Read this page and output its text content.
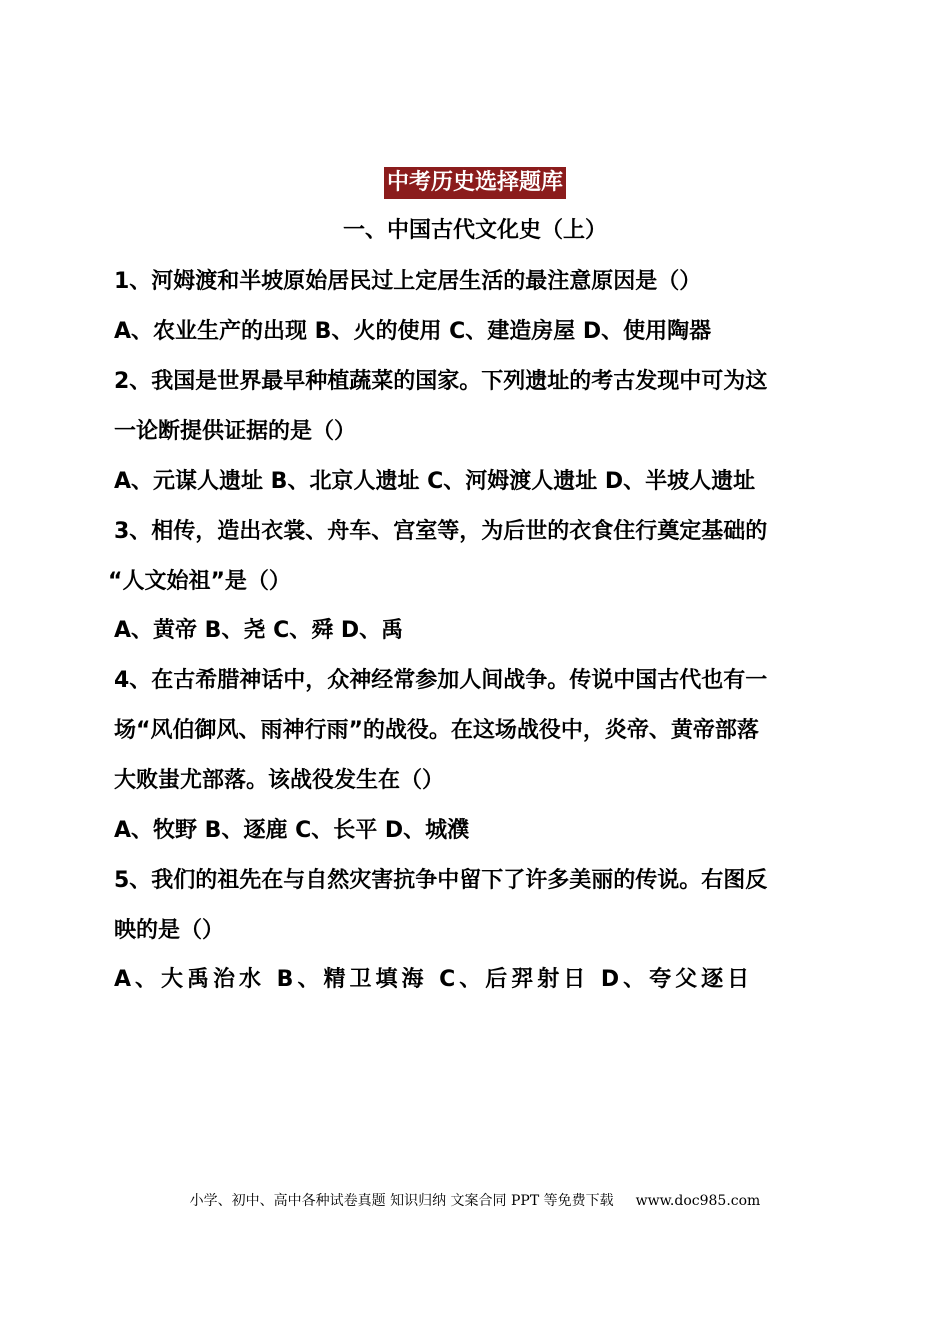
中考历史选择题库
一、中国古代文化史（上）
1、河姆渡和半坡原始居民过上定居生活的最注意原因是（）
A、农业生产的出现 B、火的使用 C、建造房屋 D、使用陶器
2、我国是世界最早种植蔬菜的国家。下列遗址的考古发现中可为这
一论断提供证据的是（）
A、元谋人遗址 B、北京人遗址 C、河姆渡人遗址 D、半坡人遗址
3、相传，造出衣裳、舟车、宫室等，为后世的衣食住行奠定基础的
“人文始祖”是（）
A、黄帝 B、尧 C、舜 D、禹
4、在古希腊神话中，众神经常参加人间战争。传说中国古代也有一
场“风伯御风、雨神行雨”的战役。在这场战役中，炎帝、黄帝部落
大败蚩尤部落。该战役发生在（）
A、牧野 B、逐鹿 C、长平 D、城濮
5、我们的祖先在与自然灾害抗争中留下了许多美丽的传说。右图反
映的是（）
A、大禹治水 B、精卫填海 C、后羿射日 D、夸父逐日
小学、初中、高中各种试卷真题 知识归纳 文案合同 PPT 等免费下载 www.doc985.com
